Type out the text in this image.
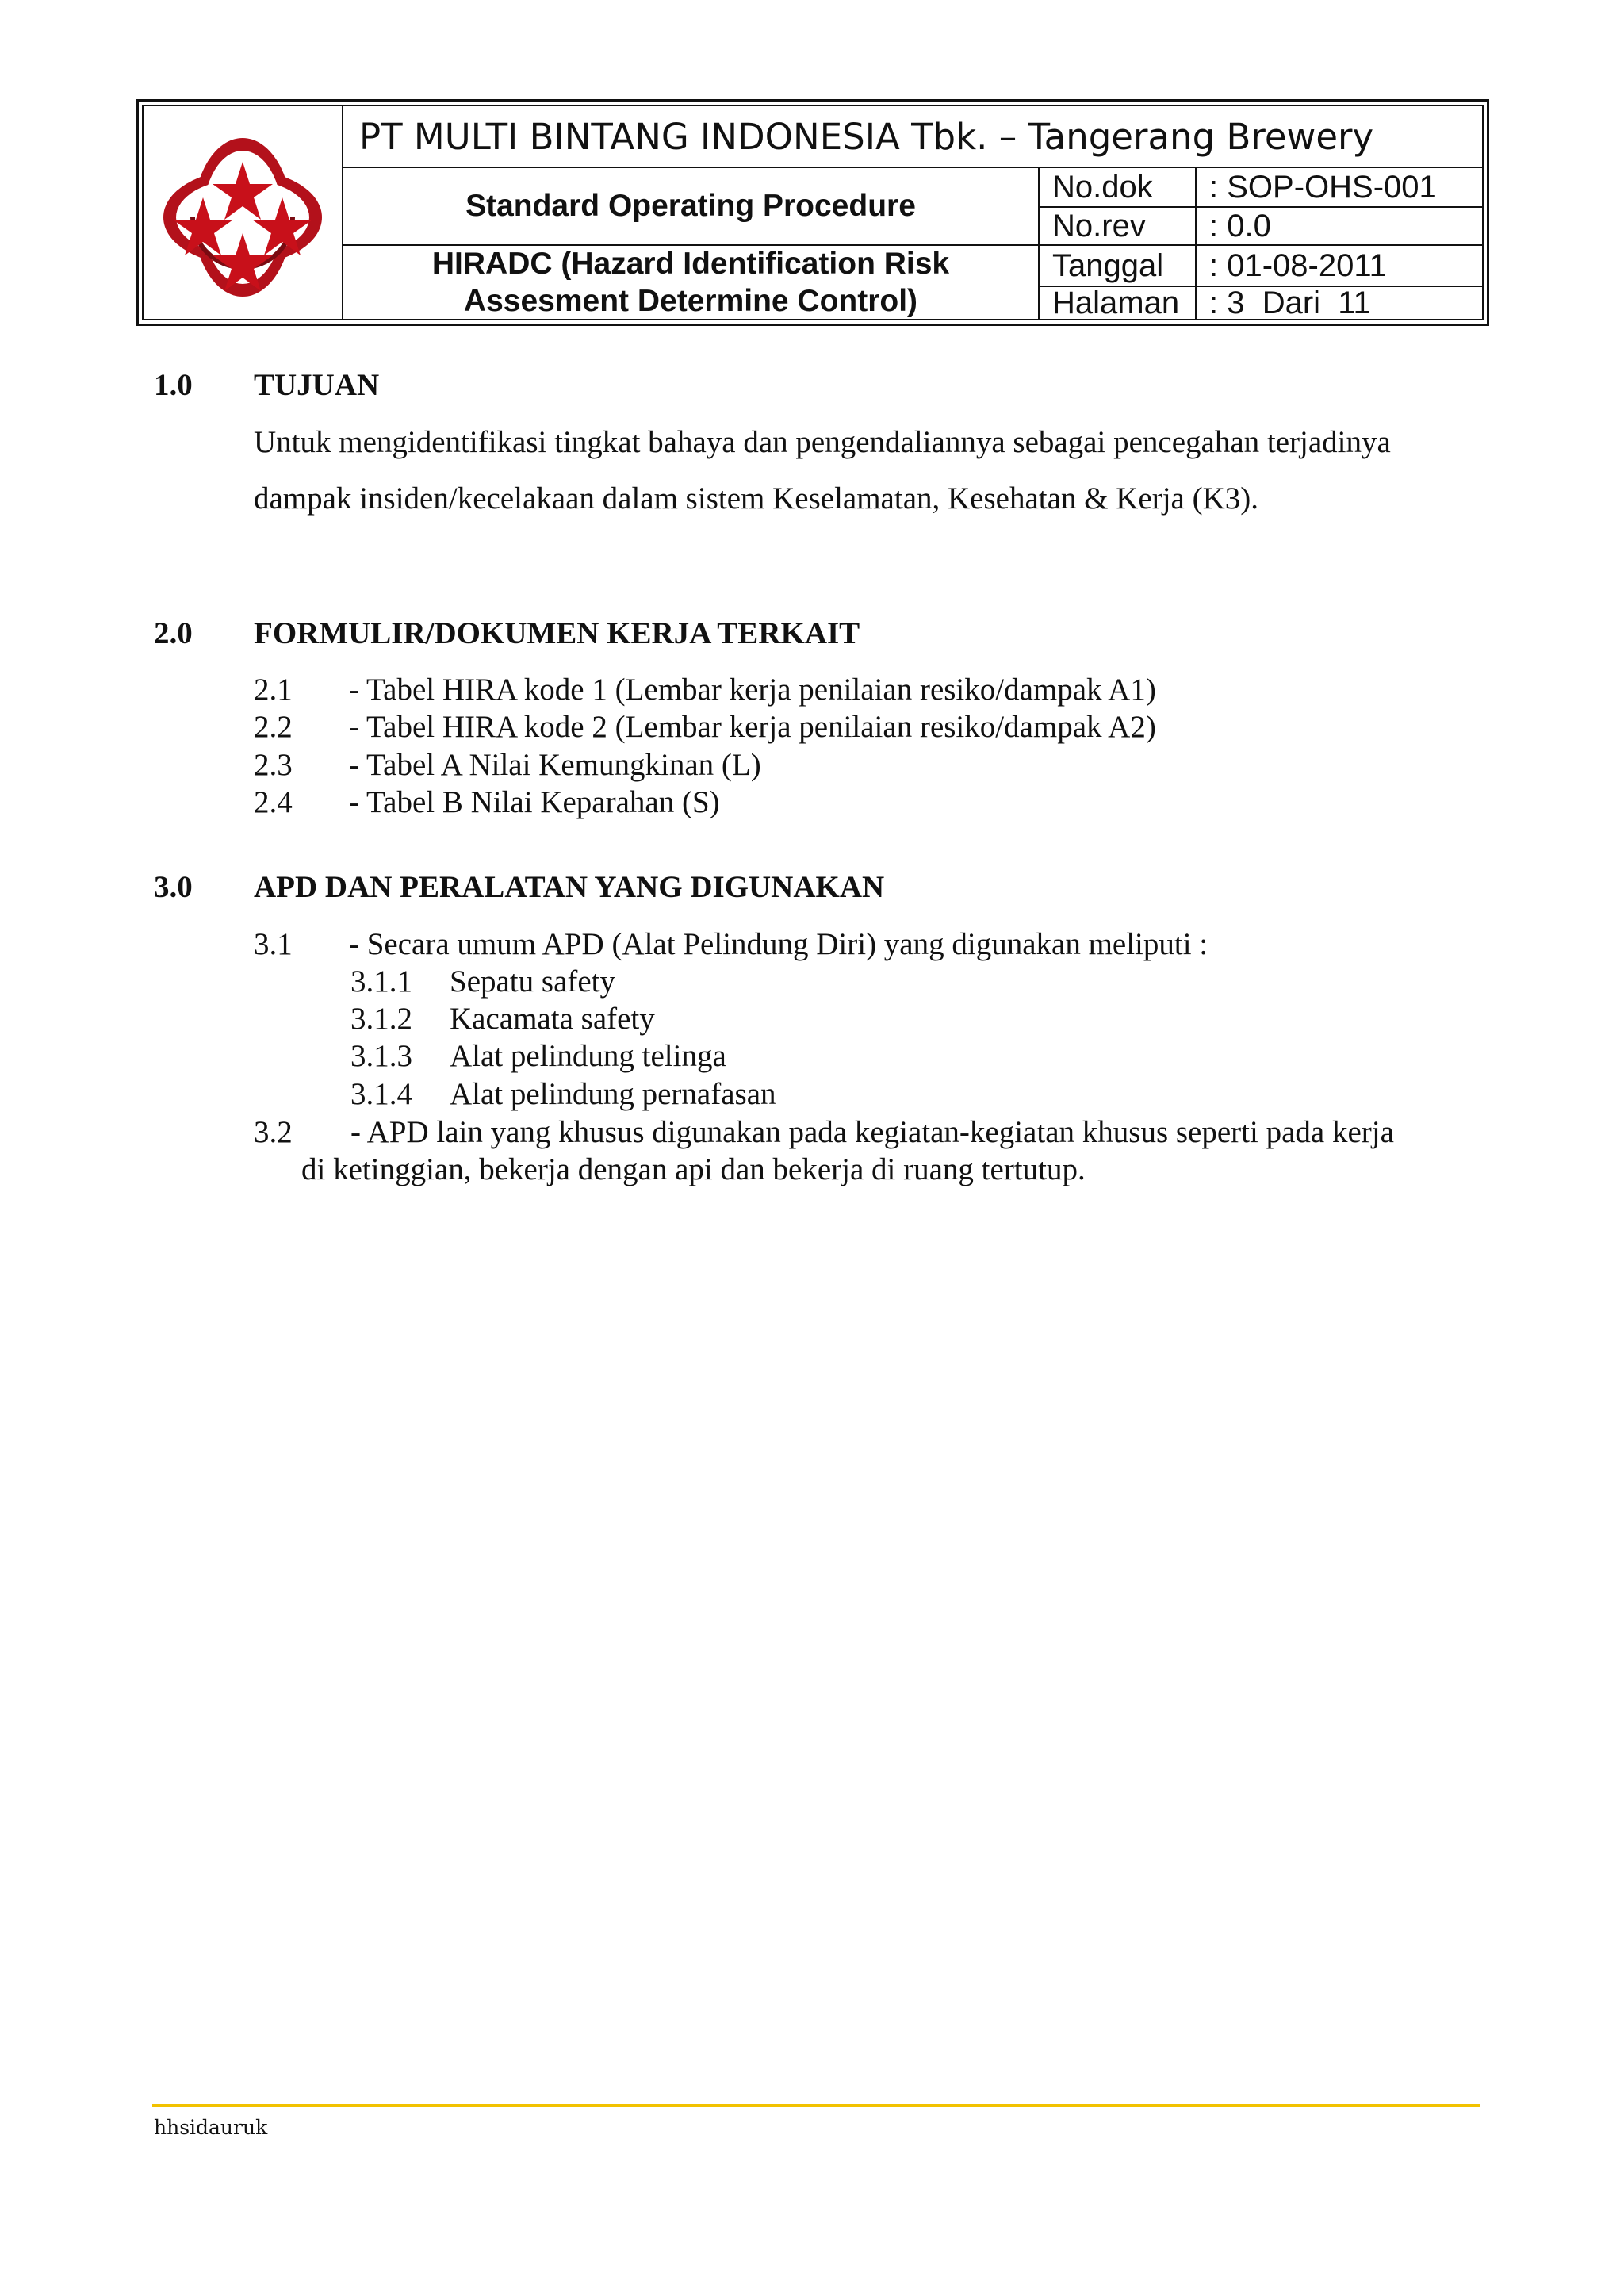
PT MULTI BINTANG INDONESIA Tbk. – Tangerang Brewery
Standard Operating Procedure
HIRADC (Hazard Identification Risk
Assesment Determine Control)
No.dok	: SOP-OHS-001
No.rev	: 0.0
Tanggal	: 01-08-2011
Halaman : 3  Dari  11
1.0 TUJUAN
Untuk mengidentifikasi tingkat bahaya dan pengendaliannya sebagai pencegahan terjadinya
dampak insiden/kecelakaan dalam sistem Keselamatan, Kesehatan & Kerja (K3).
2.0 FORMULIR/DOKUMEN KERJA TERKAIT
2.1 - Tabel HIRA kode 1 (Lembar kerja penilaian resiko/dampak A1)
2.2 - Tabel HIRA kode 2 (Lembar kerja penilaian resiko/dampak A2)
2.3 - Tabel A Nilai Kemungkinan (L)
2.4 - Tabel B Nilai Keparahan (S)
3.0 APD DAN PERALATAN YANG DIGUNAKAN
3.1 - Secara umum APD (Alat Pelindung Diri) yang digunakan meliputi :
3.1.1 Sepatu safety
3.1.2 Kacamata safety
3.1.3 Alat pelindung telinga
3.1.4 Alat pelindung pernafasan
3.2 - APD lain yang khusus digunakan pada kegiatan-kegiatan khusus seperti pada kerja
di ketinggian, bekerja dengan api dan bekerja di ruang tertutup.
hhsidauruk
